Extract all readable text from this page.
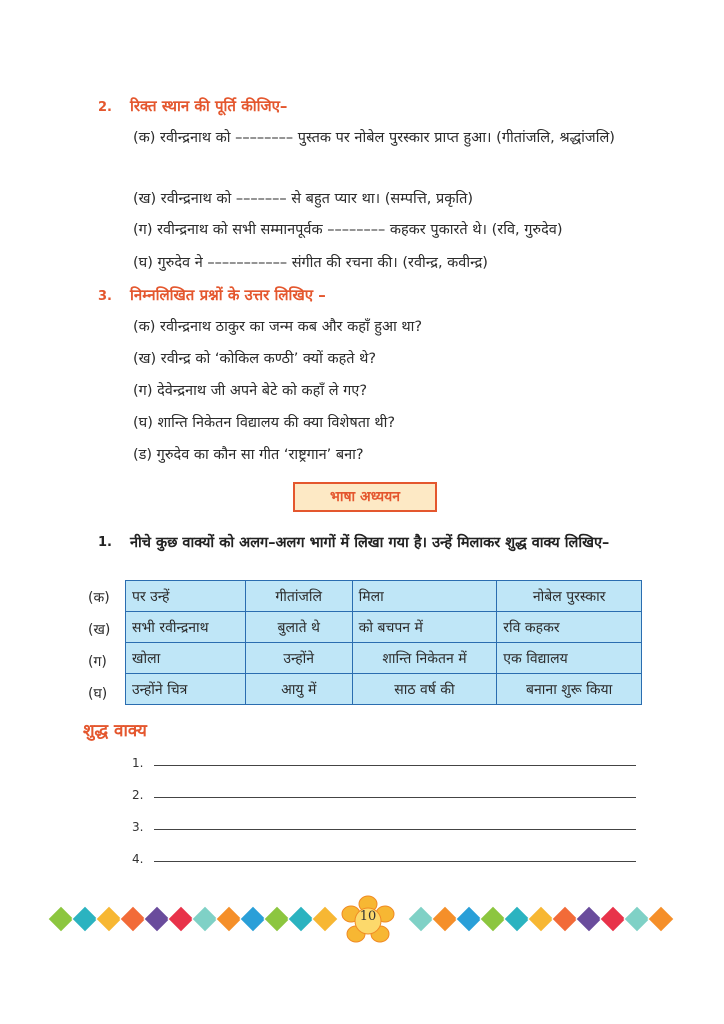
2. रिक्त स्थान की पूर्ति कीजिए–
(क) रवीन्द्रनाथ को –––––––– पुस्तक पर नोबेल पुरस्कार प्राप्त हुआ। (गीतांजलि, श्रद्धांजलि)
(ख) रवीन्द्रनाथ को ––––––– से बहुत प्यार था। (सम्पत्ति, प्रकृति)
(ग) रवीन्द्रनाथ को सभी सम्मानपूर्वक –––––––– कहकर पुकारते थे। (रवि, गुरुदेव)
(घ) गुरुदेव ने ––––––––––– संगीत की रचना की। (रवीन्द्र, कवीन्द्र)
3. निम्नलिखित प्रश्नों के उत्तर लिखिए –
(क) रवीन्द्रनाथ ठाकुर का जन्म कब और कहाँ हुआ था?
(ख) रवीन्द्र को ‘कोकिल कण्ठी’ क्यों कहते थे?
(ग) देवेन्द्रनाथ जी अपने बेटे को कहाँ ले गए?
(घ) शान्ति निकेतन विद्यालय की क्या विशेषता थी?
(ड) गुरुदेव का कौन सा गीत ‘राष्ट्रगान’ बना?
भाषा अध्ययन
1. नीचे कुछ वाक्यों को अलग–अलग भागों में लिखा गया है। उन्हें मिलाकर शुद्ध वाक्य लिखिए–
(क)
(ख)
(ग)
(घ)
पर उन्हें	गीतांजलि	मिला	नोबेल पुरस्कार
सभी रवीन्द्रनाथ	बुलाते थे	को बचपन में	रवि कहकर
खोला	उन्होंने	शान्ति निकेतन में	एक विद्यालय
उन्होंने चित्र	आयु में	साठ वर्ष की	बनाना शुरू किया
शुद्ध वाक्य
1.
2.
3.
4.
10
